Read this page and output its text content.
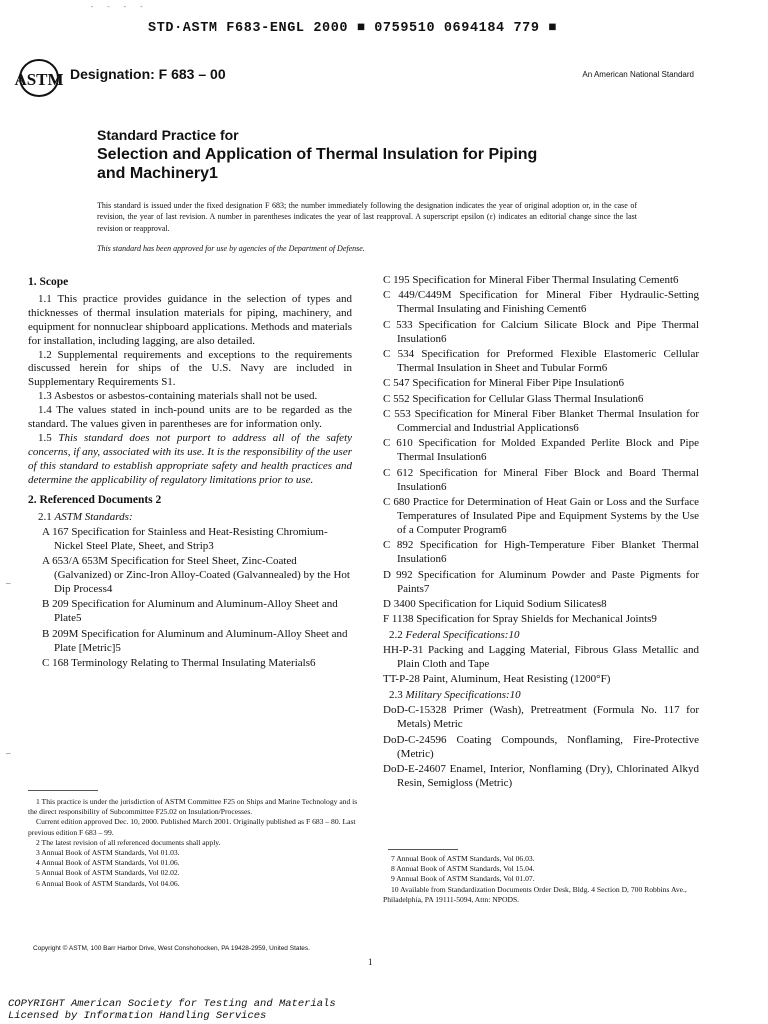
- - - -
STD·ASTM F683-ENGL 2000 ■ 0759510 0694184 779 ■
ASTM Designation: F 683 – 00	An American National Standard
Standard Practice for
Selection and Application of Thermal Insulation for Piping
and Machinery1
This standard is issued under the fixed designation F 683; the number immediately following the designation indicates the year of original adoption or, in the case of revision, the year of last revision. A number in parentheses indicates the year of last reapproval. A superscript epsilon (ε) indicates an editorial change since the last revision or reapproval.
This standard has been approved for use by agencies of the Department of Defense.
–
–
1. Scope

1.1 This practice provides guidance in the selection of types and thicknesses of thermal insulation materials for piping, machinery, and equipment for nonnuclear shipboard applications. Methods and materials for installation, including lagging, are also detailed.

1.2 Supplemental requirements and exceptions to the requirements discussed herein for ships of the U.S. Navy are included in Supplementary Requirements S1.

1.3 Asbestos or asbestos-containing materials shall not be used.

1.4 The values stated in inch-pound units are to be regarded as the standard. The values given in parentheses are for information only.

1.5 This standard does not purport to address all of the safety concerns, if any, associated with its use. It is the responsibility of the user of this standard to establish appropriate safety and health practices and determine the applicability of regulatory limitations prior to use.

2. Referenced Documents 2
2.1 ASTM Standards:

A 167 Specification for Stainless and Heat-Resisting Chromium-Nickel Steel Plate, Sheet, and Strip3

A 653/A 653M Specification for Steel Sheet, Zinc-Coated (Galvanized) or Zinc-Iron Alloy-Coated (Galvannealed) by the Hot Dip Process4

B 209 Specification for Aluminum and Aluminum-Alloy Sheet and Plate5

B 209M Specification for Aluminum and Aluminum-Alloy Sheet and Plate [Metric]5

C 168 Terminology Relating to Thermal Insulating Materials6

C 195 Specification for Mineral Fiber Thermal Insulating Cement6

C 449/C449M Specification for Mineral Fiber Hydraulic-Setting Thermal Insulating and Finishing Cement6

C 533 Specification for Calcium Silicate Block and Pipe Thermal Insulation6

C 534 Specification for Preformed Flexible Elastomeric Cellular Thermal Insulation in Sheet and Tubular Form6

C 547 Specification for Mineral Fiber Pipe Insulation6

C 552 Specification for Cellular Glass Thermal Insulation6

C 553 Specification for Mineral Fiber Blanket Thermal Insulation for Commercial and Industrial Applications6

C 610 Specification for Molded Expanded Perlite Block and Pipe Thermal Insulation6

C 612 Specification for Mineral Fiber Block and Board Thermal Insulation6

C 680 Practice for Determination of Heat Gain or Loss and the Surface Temperatures of Insulated Pipe and Equipment Systems by the Use of a Computer Program6

C 892 Specification for High-Temperature Fiber Blanket Thermal Insulation6

D 992 Specification for Aluminum Powder and Paste Pigments for Paints7

D 3400 Specification for Liquid Sodium Silicates8

F 1138 Specification for Spray Shields for Mechanical Joints9

2.2 Federal Specifications:10

HH-P-31 Packing and Lagging Material, Fibrous Glass Metallic and Plain Cloth and Tape

TT-P-28 Paint, Aluminum, Heat Resisting (1200°F)

2.3 Military Specifications:10

DoD-C-15328 Primer (Wash), Pretreatment (Formula No. 117 for Metals) Metric

DoD-C-24596 Coating Compounds, Nonflaming, Fire-Protective (Metric)

DoD-E-24607 Enamel, Interior, Nonflaming (Dry), Chlorinated Alkyd Resin, Semigloss (Metric)

1 This practice is under the jurisdiction of ASTM Committee F25 on Ships and Marine Technology and is the direct responsibility of Subcommittee F25.02 on Insulation/Processes.

Current edition approved Dec. 10, 2000. Published March 2001. Originally published as F 683 – 80. Last previous edition F 683 – 99.

2 The latest revision of all referenced documents shall apply.

3 Annual Book of ASTM Standards, Vol 01.03.

4 Annual Book of ASTM Standards, Vol 01.06.

5 Annual Book of ASTM Standards, Vol 02.02.

6 Annual Book of ASTM Standards, Vol 04.06.

7 Annual Book of ASTM Standards, Vol 06.03.

8 Annual Book of ASTM Standards, Vol 15.04.

9 Annual Book of ASTM Standards, Vol 01.07.

10 Available from Standardization Documents Order Desk, Bldg. 4 Section D, 700 Robbins Ave., Philadelphia, PA 19111-5094, Attn: NPODS.

Copyright © ASTM, 100 Barr Harbor Drive, West Conshohocken, PA 19428-2959, United States.
1
COPYRIGHT American Society for Testing and Materials
Licensed by Information Handling Services
